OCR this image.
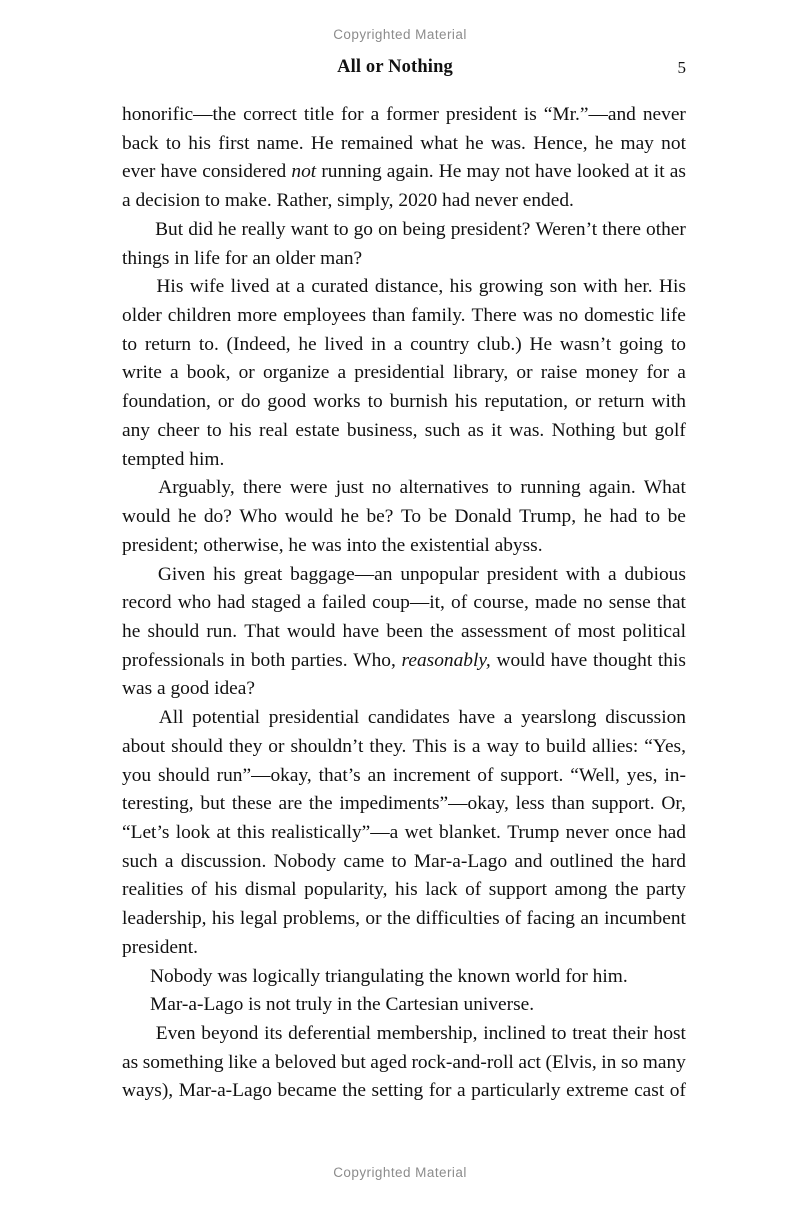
Copyrighted Material
All or Nothing	5

honorific—the correct title for a former president is “Mr.”—and never
back to his first name. He remained what he was. Hence, he may not
ever have considered not running again. He may not have looked at it as
a decision to make. Rather, simply, 2020 had never ended.

But did he really want to go on being president? Weren’t there other
things in life for an older man?

His wife lived at a curated distance, his growing son with her. His
older children more employees than family. There was no domestic life
to return to. (Indeed, he lived in a country club.) He wasn’t going to
write a book, or organize a presidential library, or raise money for a
foundation, or do good works to burnish his reputation, or return with
any cheer to his real estate business, such as it was. Nothing but golf
tempted him.

Arguably, there were just no alternatives to running again. What
would he do? Who would he be? To be Donald Trump, he had to be
president; otherwise, he was into the existential abyss.

Given his great baggage—an unpopular president with a dubious
record who had staged a failed coup—it, of course, made no sense that
he should run. That would have been the assessment of most political
professionals in both parties. Who, reasonably, would have thought this
was a good idea?

All potential presidential candidates have a yearslong discussion
about should they or shouldn’t they. This is a way to build allies: “Yes,
you should run”—okay, that’s an increment of support. “Well, yes, in-
teresting, but these are the impediments”—okay, less than support. Or,
“Let’s look at this realistically”—a wet blanket. Trump never once had
such a discussion. Nobody came to Mar-a-Lago and outlined the hard
realities of his dismal popularity, his lack of support among the party
leadership, his legal problems, or the difficulties of facing an incumbent
president.

Nobody was logically triangulating the known world for him.

Mar-a-Lago is not truly in the Cartesian universe.

Even beyond its deferential membership, inclined to treat their host
as something like a beloved but aged rock-and-roll act (Elvis, in so many
ways), Mar-a-Lago became the setting for a particularly extreme cast of

Copyrighted Material
